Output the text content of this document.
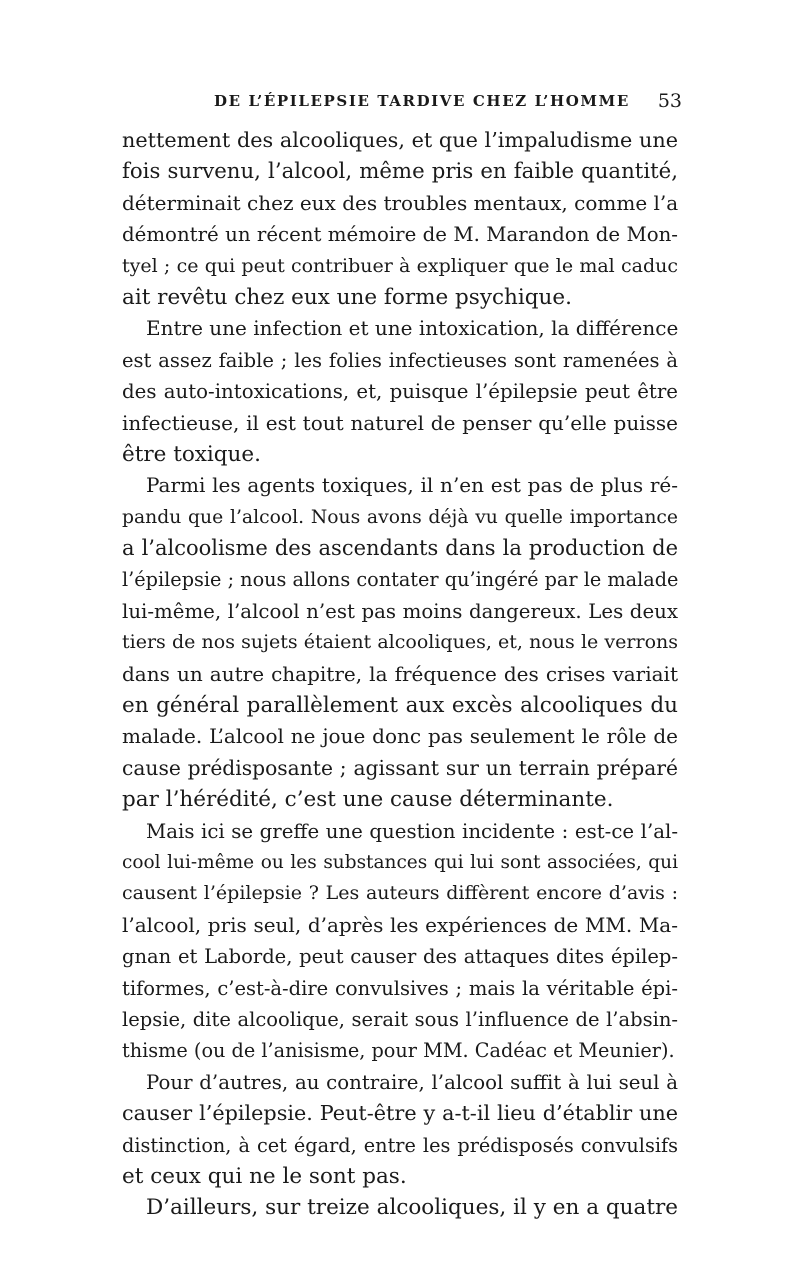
DE L’ÉPILEPSIE TARDIVE CHEZ L’HOMME 53
nettement des alcooliques, et que l’impaludisme une
fois survenu, l’alcool, même pris en faible quantité,
déterminait chez eux des troubles mentaux, comme l’a
démontré un récent mémoire de M. Marandon de Mon-
tyel ; ce qui peut contribuer à expliquer que le mal caduc
ait revêtu chez eux une forme psychique.
Entre une infection et une intoxication, la différence
est assez faible ; les folies infectieuses sont ramenées à
des auto-intoxications, et, puisque l’épilepsie peut être
infectieuse, il est tout naturel de penser qu’elle puisse
être toxique.
Parmi les agents toxiques, il n’en est pas de plus ré-
pandu que l’alcool. Nous avons déjà vu quelle importance
a l’alcoolisme des ascendants dans la production de
l’épilepsie ; nous allons contater qu’ingéré par le malade
lui-même, l’alcool n’est pas moins dangereux. Les deux
tiers de nos sujets étaient alcooliques, et, nous le verrons
dans un autre chapitre, la fréquence des crises variait
en général parallèlement aux excès alcooliques du
malade. L’alcool ne joue donc pas seulement le rôle de
cause prédisposante ; agissant sur un terrain préparé
par l’hérédité, c’est une cause déterminante.
Mais ici se greffe une question incidente : est-ce l’al-
cool lui-même ou les substances qui lui sont associées, qui
causent l’épilepsie ? Les auteurs diffèrent encore d’avis :
l’alcool, pris seul, d’après les expériences de MM. Ma-
gnan et Laborde, peut causer des attaques dites épilep-
tiformes, c’est-à-dire convulsives ; mais la véritable épi-
lepsie, dite alcoolique, serait sous l’influence de l’absin-
thisme (ou de l’anisisme, pour MM. Cadéac et Meunier).
Pour d’autres, au contraire, l’alcool suffit à lui seul à
causer l’épilepsie. Peut-être y a-t-il lieu d’établir une
distinction, à cet égard, entre les prédisposés convulsifs
et ceux qui ne le sont pas.
D’ailleurs, sur treize alcooliques, il y en a quatre
